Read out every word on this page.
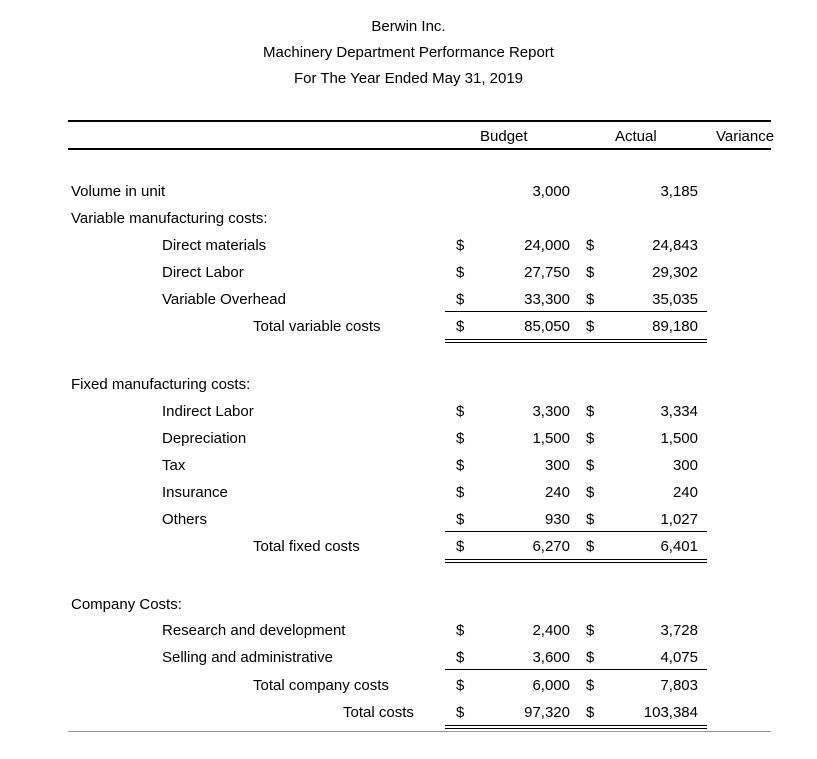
Berwin Inc.
Machinery Department Performance Report
For The Year Ended May 31, 2019
Budget	Actual	Variance
Volume in unit	3,000	3,185
Variable manufacturing costs:
Direct materials	$	24,000 $	24,843
Direct Labor	$	27,750 $	29,302
Variable Overhead	$	33,300 $	35,035
Total variable costs	$	85,050 $	89,180
Fixed manufacturing costs:
Indirect Labor	$	3,300 $	3,334
Depreciation	$	1,500 $	1,500
Tax	$	300 $	300
Insurance	$	240 $	240
Others	$	930 $	1,027
Total fixed costs	$	6,270 $	6,401
Company Costs:
Research and development	$	2,400 $	3,728
Selling and administrative	$	3,600 $	4,075
Total company costs	$	6,000 $	7,803
Total costs	$	97,320 $	103,384
